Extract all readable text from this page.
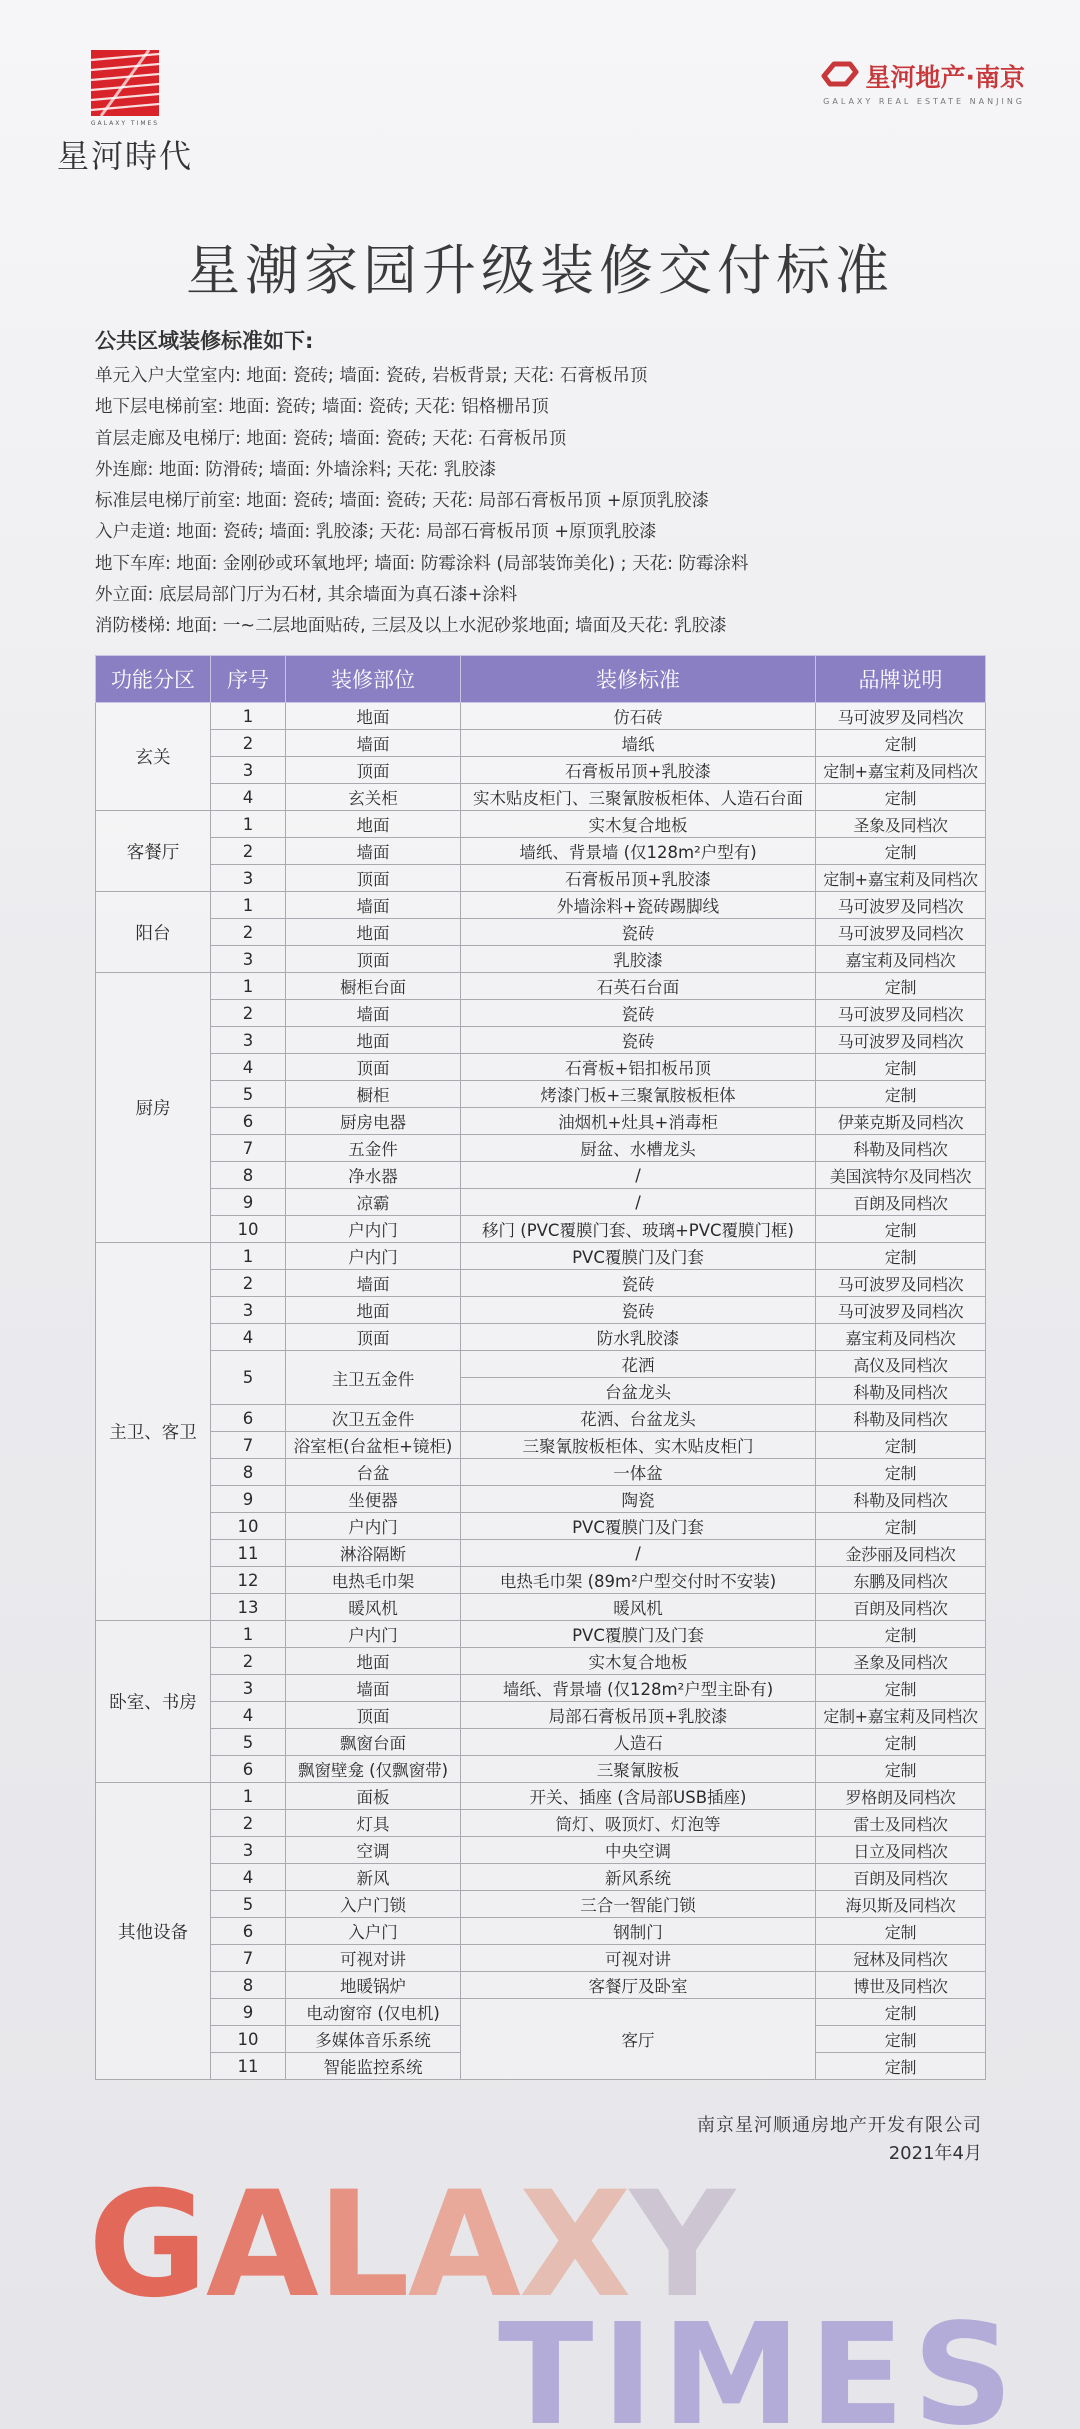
GALAXY TIMES
星河時代
星河地产·南京
GALAXY REAL ESTATE NANJING
星潮家园升级装修交付标准
公共区域装修标准如下:
单元入户大堂室内: 地面: 瓷砖; 墙面: 瓷砖, 岩板背景; 天花: 石膏板吊顶
地下层电梯前室: 地面: 瓷砖; 墙面: 瓷砖; 天花: 铝格栅吊顶
首层走廊及电梯厅: 地面: 瓷砖; 墙面: 瓷砖; 天花: 石膏板吊顶
外连廊: 地面: 防滑砖; 墙面: 外墙涂料; 天花: 乳胶漆
标准层电梯厅前室: 地面: 瓷砖; 墙面: 瓷砖; 天花: 局部石膏板吊顶 +原顶乳胶漆
入户走道: 地面: 瓷砖; 墙面: 乳胶漆; 天花: 局部石膏板吊顶 +原顶乳胶漆
地下车库: 地面: 金刚砂或环氧地坪; 墙面: 防霉涂料 (局部装饰美化) ; 天花: 防霉涂料
外立面: 底层局部门厅为石材, 其余墙面为真石漆+涂料
消防楼梯: 地面: 一~二层地面贴砖, 三层及以上水泥砂浆地面; 墙面及天花: 乳胶漆
功能分区	序号	装修部位	装修标准	品牌说明
玄关	1	地面	仿石砖	马可波罗及同档次
	2	墙面	墙纸	定制
	3	顶面	石膏板吊顶+乳胶漆	定制+嘉宝莉及同档次
	4	玄关柜	实木贴皮柜门、三聚氰胺板柜体、人造石台面	定制
客餐厅	1	地面	实木复合地板	圣象及同档次
	2	墙面	墙纸、背景墙 (仅128m²户型有)	定制
	3	顶面	石膏板吊顶+乳胶漆	定制+嘉宝莉及同档次
阳台	1	墙面	外墙涂料+瓷砖踢脚线	马可波罗及同档次
	2	地面	瓷砖	马可波罗及同档次
	3	顶面	乳胶漆	嘉宝莉及同档次
厨房	1	橱柜台面	石英石台面	定制
	2	墙面	瓷砖	马可波罗及同档次
	3	地面	瓷砖	马可波罗及同档次
	4	顶面	石膏板+铝扣板吊顶	定制
	5	橱柜	烤漆门板+三聚氰胺板柜体	定制
	6	厨房电器	油烟机+灶具+消毒柜	伊莱克斯及同档次
	7	五金件	厨盆、水槽龙头	科勒及同档次
	8	净水器	/	美国滨特尔及同档次
	9	凉霸	/	百朗及同档次
	10	户内门	移门 (PVC覆膜门套、玻璃+PVC覆膜门框)	定制
主卫、客卫	1	户内门	PVC覆膜门及门套	定制
	2	墙面	瓷砖	马可波罗及同档次
	3	地面	瓷砖	马可波罗及同档次
	4	顶面	防水乳胶漆	嘉宝莉及同档次
	5	主卫五金件	花洒	高仪及同档次
			台盆龙头	科勒及同档次
	6	次卫五金件	花洒、台盆龙头	科勒及同档次
	7	浴室柜(台盆柜+镜柜)	三聚氰胺板柜体、实木贴皮柜门	定制
	8	台盆	一体盆	定制
	9	坐便器	陶瓷	科勒及同档次
	10	户内门	PVC覆膜门及门套	定制
	11	淋浴隔断	/	金莎丽及同档次
	12	电热毛巾架	电热毛巾架 (89m²户型交付时不安装)	东鹏及同档次
	13	暖风机	暖风机	百朗及同档次
卧室、书房	1	户内门	PVC覆膜门及门套	定制
	2	地面	实木复合地板	圣象及同档次
	3	墙面	墙纸、背景墙 (仅128m²户型主卧有)	定制
	4	顶面	局部石膏板吊顶+乳胶漆	定制+嘉宝莉及同档次
	5	飘窗台面	人造石	定制
	6	飘窗壁龛 (仅飘窗带)	三聚氰胺板	定制
其他设备	1	面板	开关、插座 (含局部USB插座)	罗格朗及同档次
	2	灯具	筒灯、吸顶灯、灯泡等	雷士及同档次
	3	空调	中央空调	日立及同档次
	4	新风	新风系统	百朗及同档次
	5	入户门锁	三合一智能门锁	海贝斯及同档次
	6	入户门	钢制门	定制
	7	可视对讲	可视对讲	冠林及同档次
	8	地暖锅炉	客餐厅及卧室	博世及同档次
	9	电动窗帘 (仅电机)	客厅	定制
	10	多媒体音乐系统		定制
	11	智能监控系统		定制
南京星河顺通房地产开发有限公司
2021年4月
GALAXY
TIMES
